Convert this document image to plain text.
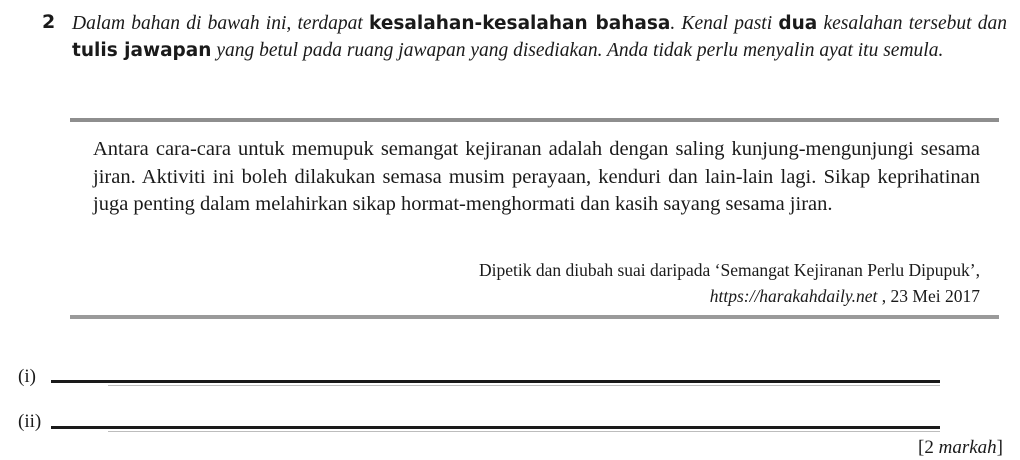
2 Dalam bahan di bawah ini, terdapat kesalahan-kesalahan bahasa. Kenal pasti dua kesalahan tersebut dan tulis jawapan yang betul pada ruang jawapan yang disediakan. Anda tidak perlu menyalin ayat itu semula.
Antara cara-cara untuk memupuk semangat kejiranan adalah dengan saling kunjung-mengunjungi sesama jiran. Aktiviti ini boleh dilakukan semasa musim perayaan, kenduri dan lain-lain lagi. Sikap keprihatinan juga penting dalam melahirkan sikap hormat-menghormati dan kasih sayang sesama jiran.
Dipetik dan diubah suai daripada ‘Semangat Kejiranan Perlu Dipupuk’,
https://harakahdaily.net , 23 Mei 2017
(i)
(ii)
[2 markah]
